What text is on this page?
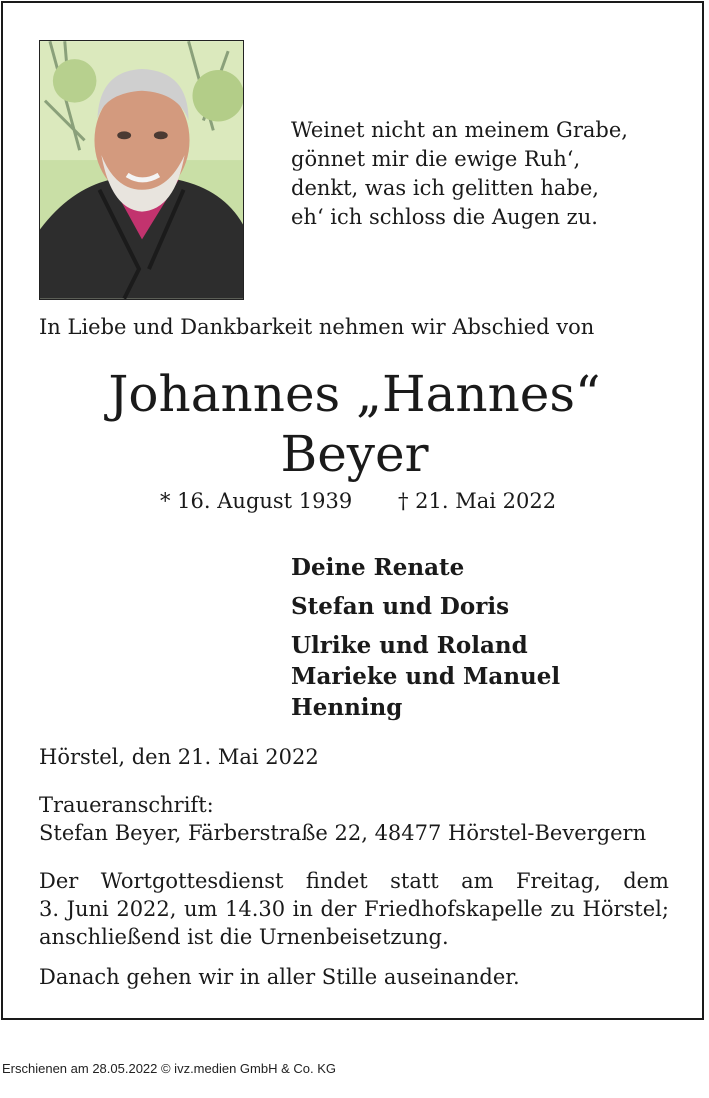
Weinet nicht an meinem Grabe,
gönnet mir die ewige Ruh‘,
denkt, was ich gelitten habe,
eh‘ ich schloss die Augen zu.
In Liebe und Dankbarkeit nehmen wir Abschied von
Johannes „Hannes“
Beyer
* 16. August 1939 † 21. Mai 2022
Deine Renate
Stefan und Doris
Ulrike und Roland
Marieke und Manuel
Henning
Hörstel, den 21. Mai 2022
Traueranschrift:
Stefan Beyer, Färberstraße 22, 48477 Hörstel-Bevergern
Der Wortgottesdienst findet statt am Freitag, dem
3. Juni 2022, um 14.30 in der Friedhofskapelle zu Hörstel;
anschließend ist die Urnenbeisetzung.
Danach gehen wir in aller Stille auseinander.
Erschienen am 28.05.2022 © ivz.medien GmbH & Co. KG
